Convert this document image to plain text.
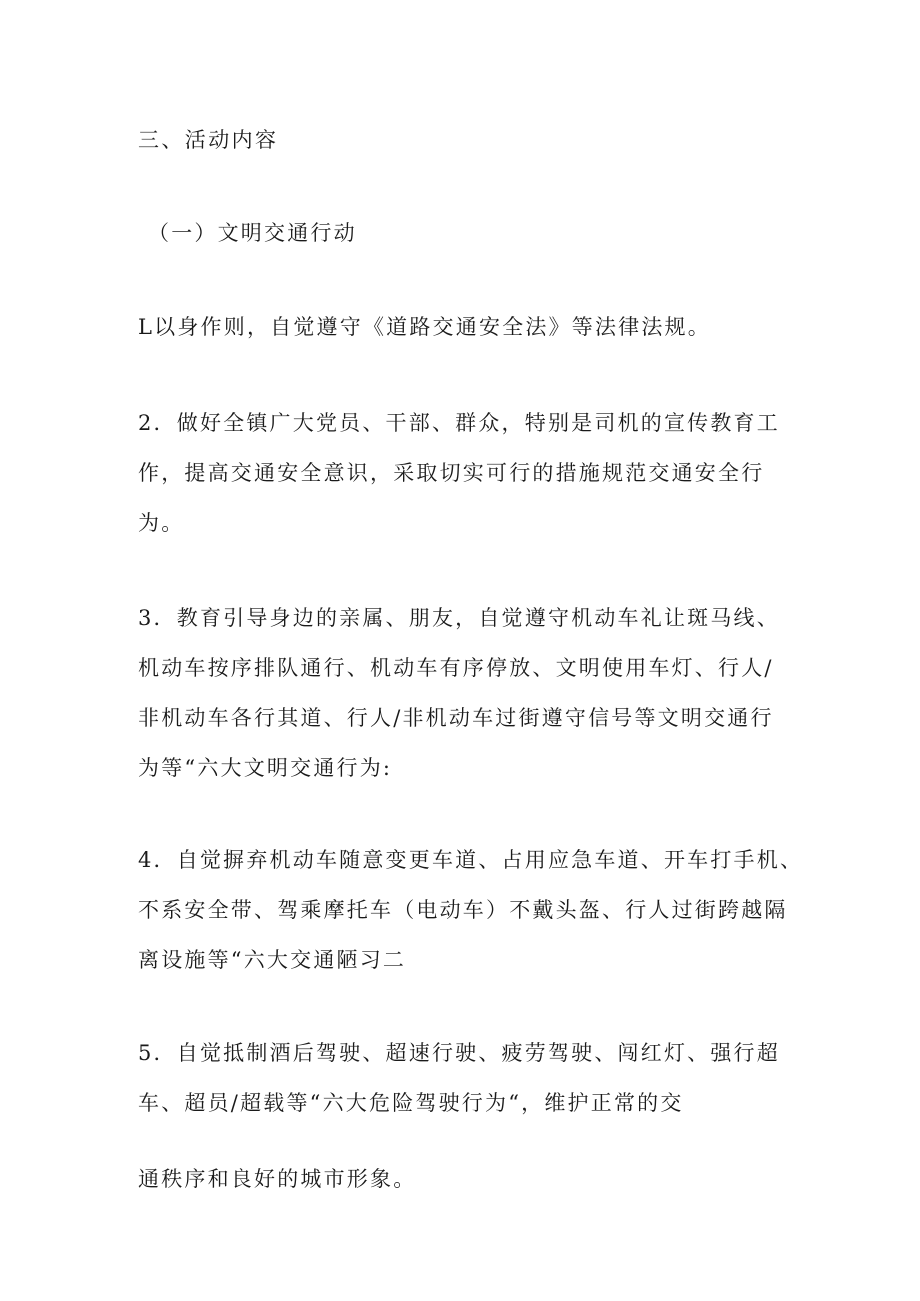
三、活动内容
（一）文明交通行动
L以身作则，自觉遵守《道路交通安全法》等法律法规。
2．做好全镇广大党员、干部、群众，特别是司机的宣传教育工
作，提高交通安全意识，采取切实可行的措施规范交通安全行
为。
3．教育引导身边的亲属、朋友，自觉遵守机动车礼让斑马线、
机动车按序排队通行、机动车有序停放、文明使用车灯、行人/
非机动车各行其道、行人/非机动车过街遵守信号等文明交通行
为等“六大文明交通行为:
4．自觉摒弃机动车随意变更车道、占用应急车道、开车打手机、
不系安全带、驾乘摩托车（电动车）不戴头盔、行人过街跨越隔
离设施等“六大交通陋习二
5．自觉抵制酒后驾驶、超速行驶、疲劳驾驶、闯红灯、强行超
车、超员/超载等“六大危险驾驶行为“，维护正常的交
通秩序和良好的城市形象。
